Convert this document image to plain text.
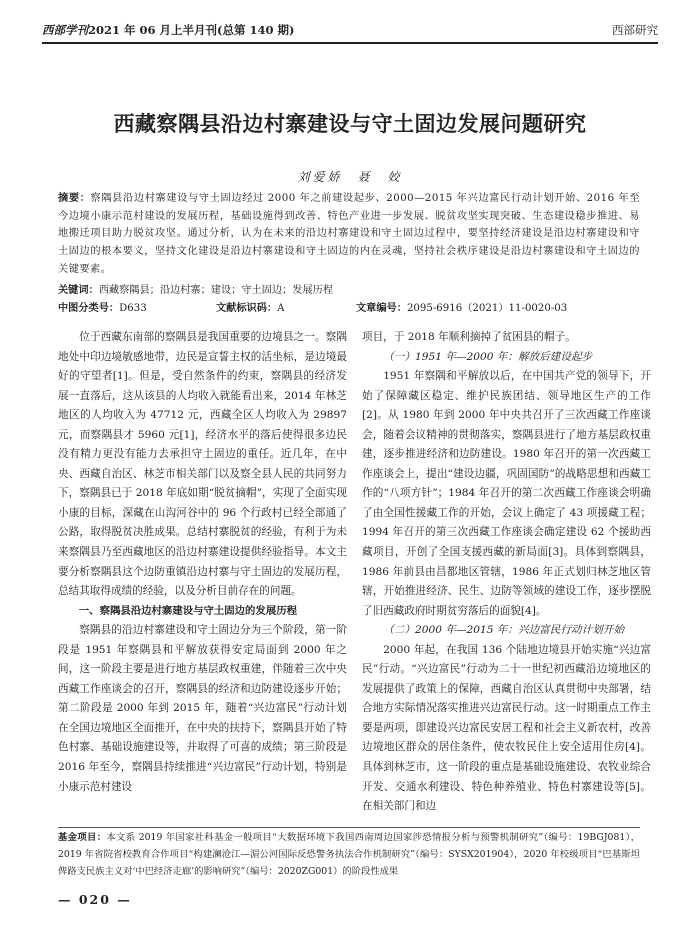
西部学刊2021 年 06 月上半月刊(总第 140 期)	西部研究
西藏察隅县沿边村寨建设与守土固边发展问题研究
刘爱娇　聂　姣
摘要：察隅县沿边村寨建设与守土固边经过 2000 年之前建设起步、2000—2015 年兴边富民行动计划开始、2016 年至今边境小康示范村建设的发展历程，基础设施得到改善、特色产业进一步发展、脱贫攻坚实现突破、生态建设稳步推进、易地搬迁项目助力脱贫攻坚。通过分析，认为在未来的沿边村寨建设和守土固边过程中，要坚持经济建设是沿边村寨建设和守土固边的根本要义，坚持文化建设是沿边村寨建设和守土固边的内在灵魂，坚持社会秩序建设是沿边村寨建设和守土固边的关键要素。
关键词：西藏察隅县；沿边村寨；建设；守土固边；发展历程
中图分类号：D633	文献标识码：A	文章编号：2095-6916（2021）11-0020-03

位于西藏东南部的察隅县是我国重要的边境县之一。察隅地处中印边境敏感地带，边民是宣誓主权的活坐标，是边境最好的守望者[1]。但是，受自然条件的约束，察隅县的经济发展一直落后，这从该县的人均收入就能看出来，2014 年林芝地区的人均收入为 47712 元，西藏全区人均收入为 29897 元，而察隅县才 5960 元[1]，经济水平的落后使得很多边民没有精力更没有能力去承担守土固边的重任。近几年，在中央、西藏自治区、林芝市相关部门以及察全县人民的共同努力下，察隅县已于 2018 年底如期“脱贫摘帽”，实现了全面实现小康的目标，深藏在山沟河谷中的 96 个行政村已经全部通了公路，取得脱贫决胜成果。总结村寨脱贫的经验，有利于为未来察隅县乃至西藏地区的沿边村寨建设提供经验指导。本文主要分析察隅县这个边防重镇沿边村寨与守土固边的发展历程，总结其取得成绩的经验，以及分析目前存在的问题。

一、察隅县沿边村寨建设与守土固边的发展历程

察隅县的沿边村寨建设和守土固边分为三个阶段，第一阶段是 1951 年察隅县和平解放获得安定局面到 2000 年之间，这一阶段主要是进行地方基层政权重建，伴随着三次中央西藏工作座谈会的召开，察隅县的经济和边防建设逐步开始；第二阶段是 2000 年到 2015 年，随着“兴边富民”行动计划在全国边境地区全面推开，在中央的扶持下，察隅县开始了特色村寨、基础设施建设等，并取得了可喜的成绩；第三阶段是 2016 年至今，察隅县持续推进“兴边富民”行动计划，特别是小康示范村建设

项目，于 2018 年顺利摘掉了贫困县的帽子。

（一）1951 年—2000 年：解放后建设起步

1951 年察隅和平解放以后，在中国共产党的领导下，开始了保障藏区稳定、维护民族团结、领导地区生产的工作[2]。从 1980 年到 2000 年中央共召开了三次西藏工作座谈会，随着会议精神的贯彻落实，察隅县进行了地方基层政权重建，逐步推进经济和边防建设。1980 年召开的第一次西藏工作座谈会上，提出“建设边疆，巩固国防”的战略思想和西藏工作的“八项方针”；1984 年召开的第二次西藏工作座谈会明确了由全国性援藏工作的开始，会议上确定了 43 项援藏工程；1994 年召开的第三次西藏工作座谈会确定建设 62 个援助西藏项目，开创了全国支援西藏的新局面[3]。具体到察隅县，1986 年前县由昌都地区管辖，1986 年正式划归林芝地区管辖，开始推进经济、民生、边防等领域的建设工作，逐步摆脱了旧西藏政府时期贫穷落后的面貌[4]。

（二）2000 年—2015 年：兴边富民行动计划开始

2000 年起，在我国 136 个陆地边境县开始实施“兴边富民”行动。“兴边富民”行动为二十一世纪初西藏沿边境地区的发展提供了政策上的保障，西藏自治区认真贯彻中央部署，结合地方实际情况落实推进兴边富民行动。这一时期重点工作主要是两项，即建设兴边富民安居工程和社会主义新农村，改善边境地区群众的居住条件，使农牧民住上安全适用住房[4]。具体到林芝市，这一阶段的重点是基础设施建设、农牧业综合开发、交通水利建设、特色种养殖业、特色村寨建设等[5]。在相关部门和边

基金项目：本文系 2019 年国家社科基金一般项目“大数据环境下我国西南周边国家涉恐情报分析与预警机制研究”（编号：19BGJ081），2019 年省院省校教育合作项目“构建澜沧江—湄公河国际反恐警务执法合作机制研究”（编号：SYSX201904），2020 年校级项目“巴基斯坦俾路支民族主义对‘中巴经济走廊’的影响研究”（编号：2020ZG001）的阶段性成果
— 020 —
